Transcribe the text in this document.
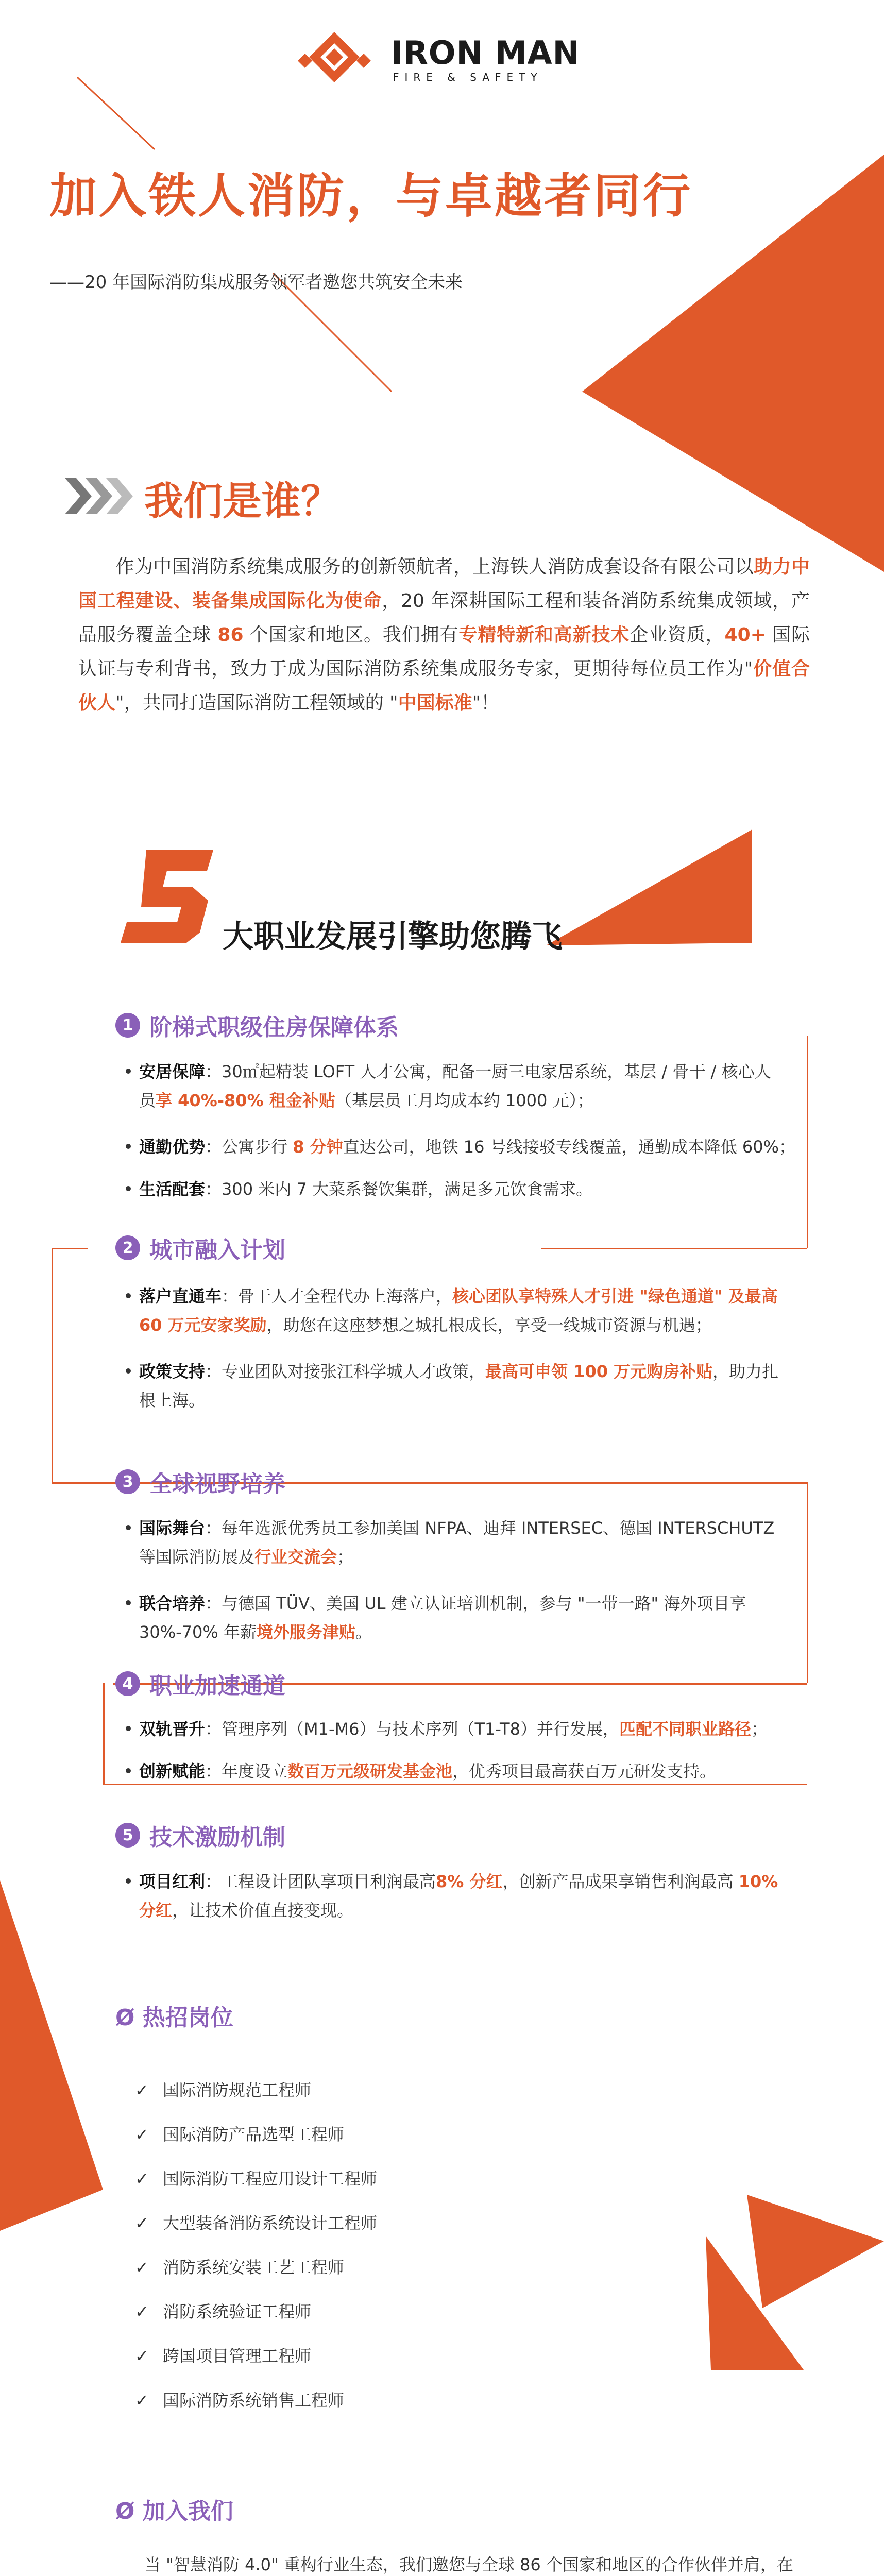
IRON MAN
FIRE & SAFETY
加入铁人消防，与卓越者同行
——20 年国际消防集成服务领军者邀您共筑安全未来
我们是谁？
作为中国消防系统集成服务的创新领航者，上海铁人消防成套设备有限公司以助力中国工程建设、装备集成国际化为使命，20 年深耕国际工程和装备消防系统集成领域，产品服务覆盖全球 86 个国家和地区。我们拥有专精特新和高新技术企业资质，40+ 国际认证与专利背书，致力于成为国际消防系统集成服务专家，更期待每位员工作为"价值合伙人"，共同打造国际消防工程领域的 "中国标准"！
大职业发展引擎助您腾飞
1 阶梯式职级住房保障体系
安居保障：30㎡起精装 LOFT 人才公寓，配备一厨三电家居系统，基层 / 骨干 / 核心人
员享 40%-80% 租金补贴（基层员工月均成本约 1000 元）；
通勤优势：公寓步行 8 分钟直达公司，地铁 16 号线接驳专线覆盖，通勤成本降低 60%；
生活配套：300 米内 7 大菜系餐饮集群，满足多元饮食需求。
2 城市融入计划
落户直通车：骨干人才全程代办上海落户，核心团队享特殊人才引进 "绿色通道" 及最高
60 万元安家奖励，助您在这座梦想之城扎根成长，享受一线城市资源与机遇；
政策支持：专业团队对接张江科学城人才政策，最高可申领 100 万元购房补贴，助力扎
根上海。
3 全球视野培养
国际舞台：每年选派优秀员工参加美国 NFPA、迪拜 INTERSEC、德国 INTERSCHUTZ
等国际消防展及行业交流会；
联合培养：与德国 TÜV、美国 UL 建立认证培训机制，参与 "一带一路" 海外项目享
30%-70% 年薪境外服务津贴。
4 职业加速通道
双轨晋升：管理序列（M1-M6）与技术序列（T1-T8）并行发展，匹配不同职业路径；
创新赋能：年度设立数百万元级研发基金池，优秀项目最高获百万元研发支持。
5 技术激励机制
项目红利：工程设计团队享项目利润最高8% 分红，创新产品成果享销售利润最高 10%
分红，让技术价值直接变现。
Ø 热招岗位
✓ 国际消防规范工程师
✓ 国际消防产品选型工程师
✓ 国际消防工程应用设计工程师
✓ 大型装备消防系统设计工程师
✓ 消防系统安装工艺工程师
✓ 消防系统验证工程师
✓ 跨国项目管理工程师
✓ 国际消防系统销售工程师
Ø 加入我们
当 "智慧消防 4.0" 重构行业生态，我们邀您与全球 86 个国家和地区的合作伙伴并肩，在
